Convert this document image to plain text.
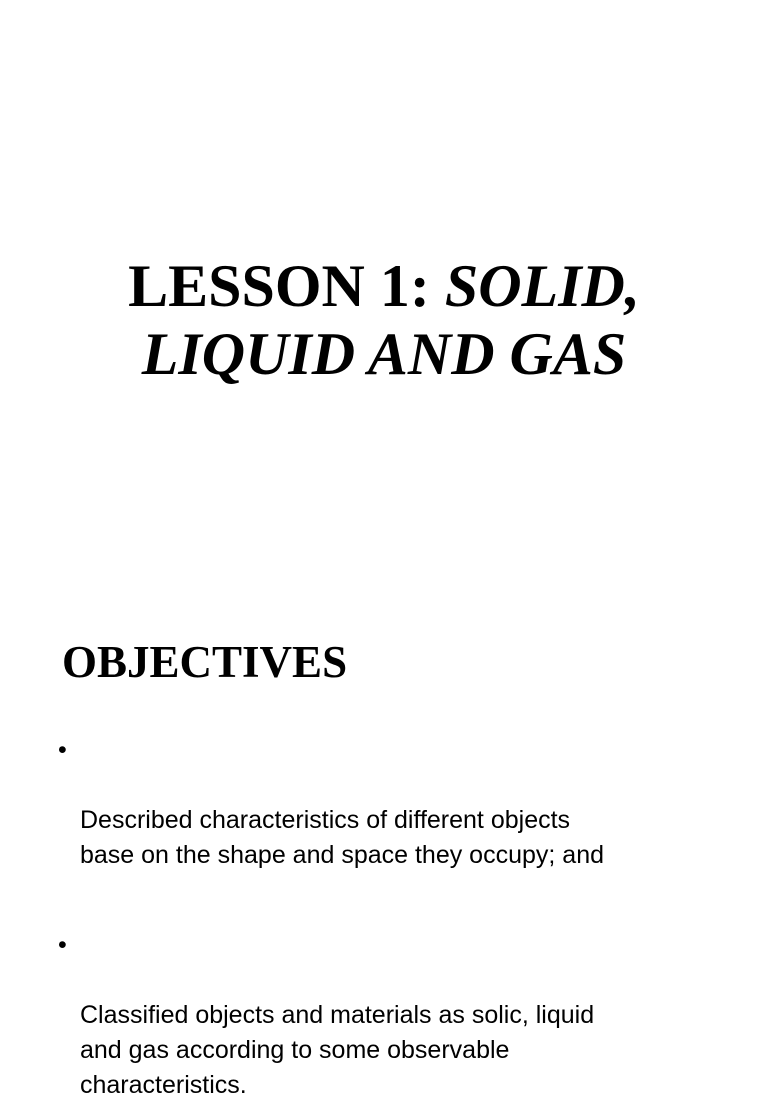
LESSON 1: SOLID,
LIQUID AND GAS
OBJECTIVES

•

Described characteristics of different objects
base on the shape and space they occupy; and

•

Classified objects and materials as solic, liquid
and gas according to some observable
characteristics.
